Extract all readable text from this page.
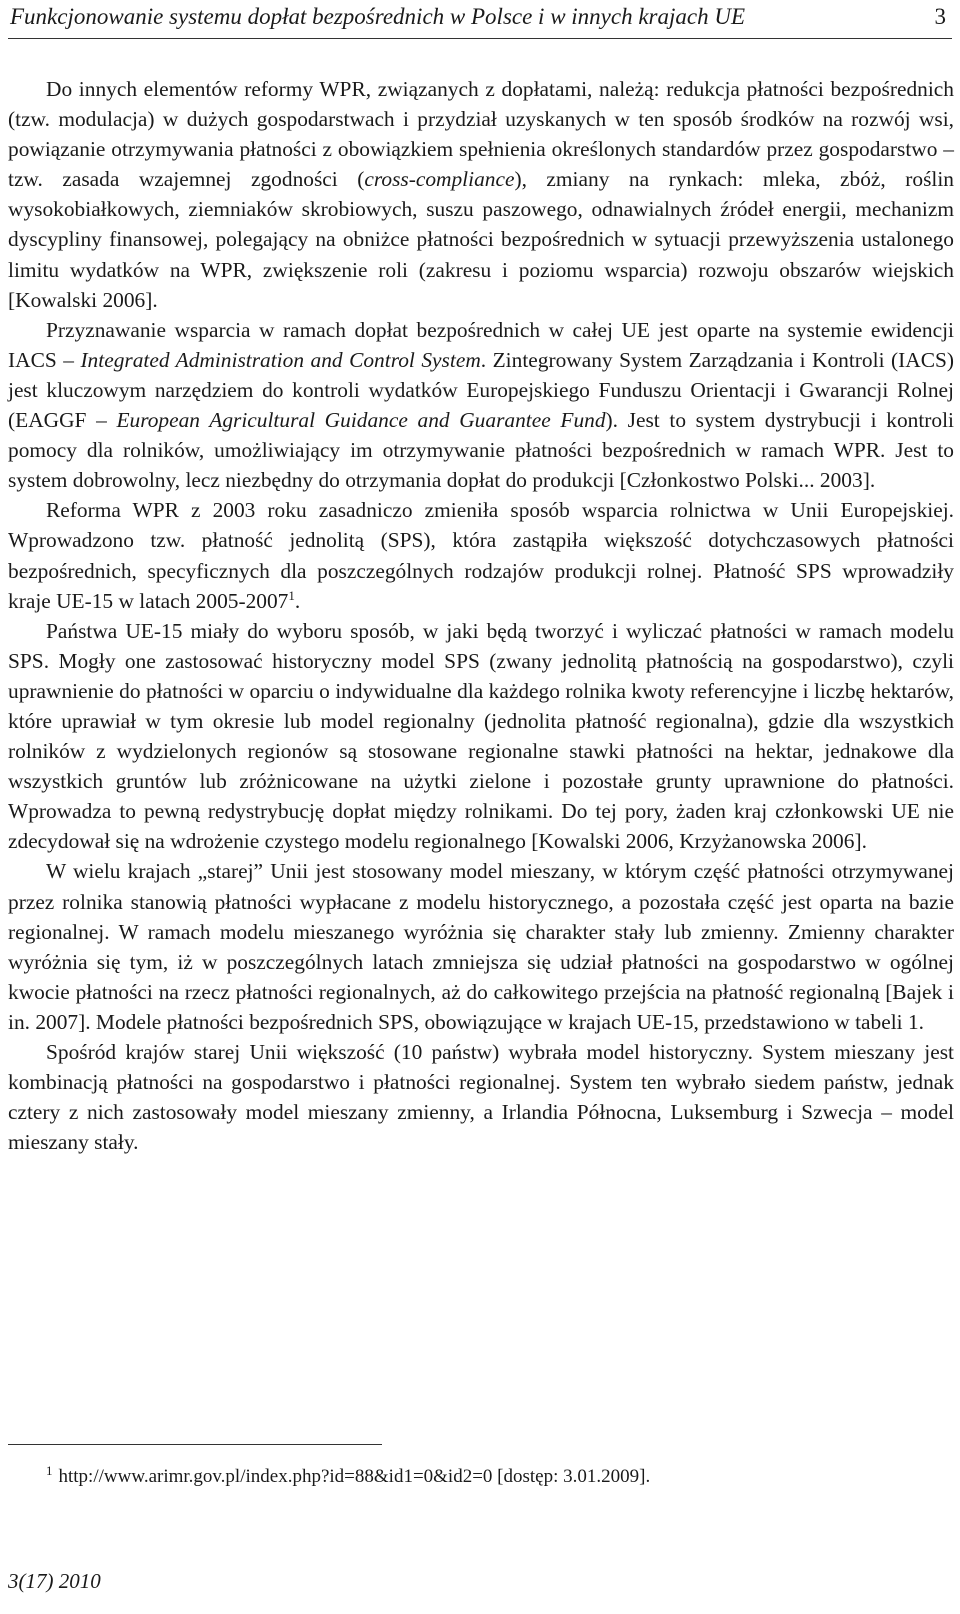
Funkcjonowanie systemu dopłat bezpośrednich w Polsce i w innych krajach UE	3

Do innych elementów reformy WPR, związanych z dopłatami, należą: redukcja płatności bezpośrednich (tzw. modulacja) w dużych gospodarstwach i przydział uzyskanych w ten sposób środków na rozwój wsi, powiązanie otrzymywania płatności z obowiązkiem spełnienia określonych standardów przez gospodarstwo – tzw. zasada wzajemnej zgodności (cross-compliance), zmiany na rynkach: mleka, zbóż, roślin wysokobiałkowych, ziemniaków skrobiowych, suszu paszowego, odnawialnych źródeł energii, mechanizm dyscypliny finansowej, polegający na obniżce płatności bezpośrednich w sytuacji przewyższenia ustalonego limitu wydatków na WPR, zwiększenie roli (zakresu i poziomu wsparcia) rozwoju obszarów wiejskich [Kowalski 2006].

Przyznawanie wsparcia w ramach dopłat bezpośrednich w całej UE jest oparte na systemie ewidencji IACS – Integrated Administration and Control System. Zintegrowany System Zarządzania i Kontroli (IACS) jest kluczowym narzędziem do kontroli wydatków Europejskiego Funduszu Orientacji i Gwarancji Rolnej (EAGGF – European Agricultural Guidance and Guarantee Fund). Jest to system dystrybucji i kontroli pomocy dla rolników, umożliwiający im otrzymywanie płatności bezpośrednich w ramach WPR. Jest to system dobrowolny, lecz niezbędny do otrzymania dopłat do produkcji [Członkostwo Polski... 2003].

Reforma WPR z 2003 roku zasadniczo zmieniła sposób wsparcia rolnictwa w Unii Europejskiej. Wprowadzono tzw. płatność jednolitą (SPS), która zastąpiła większość dotychczasowych płatności bezpośrednich, specyficznych dla poszczególnych rodzajów produkcji rolnej. Płatność SPS wprowadziły kraje UE-15 w latach 2005-2007$^1$.

Państwa UE-15 miały do wyboru sposób, w jaki będą tworzyć i wyliczać płatności w ramach modelu SPS. Mogły one zastosować historyczny model SPS (zwany jednolitą płatnością na gospodarstwo), czyli uprawnienie do płatności w oparciu o indywidualne dla każdego rolnika kwoty referencyjne i liczbę hektarów, które uprawiał w tym okresie lub model regionalny (jednolita płatność regionalna), gdzie dla wszystkich rolników z wydzielonych regionów są stosowane regionalne stawki płatności na hektar, jednakowe dla wszystkich gruntów lub zróżnicowane na użytki zielone i pozostałe grunty uprawnione do płatności. Wprowadza to pewną redystrybucję dopłat między rolnikami. Do tej pory, żaden kraj członkowski UE nie zdecydował się na wdrożenie czystego modelu regionalnego [Kowalski 2006, Krzyżanowska 2006].

W wielu krajach „starej” Unii jest stosowany model mieszany, w którym część płatności otrzymywanej przez rolnika stanowią płatności wypłacane z modelu historycznego, a pozostała część jest oparta na bazie regionalnej. W ramach modelu mieszanego wyróżnia się charakter stały lub zmienny. Zmienny charakter wyróżnia się tym, iż w poszczególnych latach zmniejsza się udział płatności na gospodarstwo w ogólnej kwocie płatności na rzecz płatności regionalnych, aż do całkowitego przejścia na płatność regionalną [Bajek i in. 2007]. Modele płatności bezpośrednich SPS, obowiązujące w krajach UE-15, przedstawiono w tabeli 1.

Spośród krajów starej Unii większość (10 państw) wybrała model historyczny. System mieszany jest kombinacją płatności na gospodarstwo i płatności regionalnej. System ten wybrało siedem państw, jednak cztery z nich zastosowały model mieszany zmienny, a Irlandia Północna, Luksemburg i Szwecja – model mieszany stały.

$^1$ http://www.arimr.gov.pl/index.php?id=88&id1=0&id2=0 [dostęp: 3.01.2009].
3(17) 2010
